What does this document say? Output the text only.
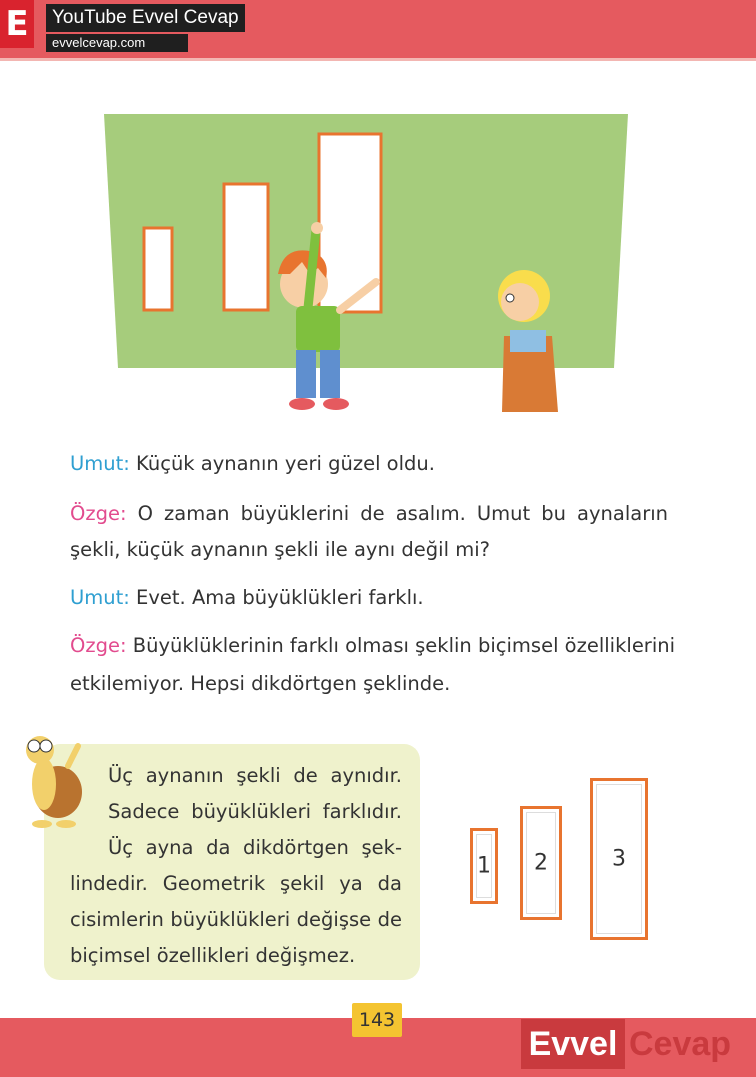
E	YouTube Evvel Cevap
evvelcevap.com
Umut: Küçük aynanın yeri güzel oldu.
Özge: O zaman büyüklerini de asalım. Umut bu aynaların
şekli, küçük aynanın şekli ile aynı değil mi?
Umut: Evet. Ama büyüklükleri farklı.
Özge: Büyüklüklerinin farklı olması şeklin biçimsel özelliklerini
etkilemiyor. Hepsi dikdörtgen şeklinde.
Üç aynanın şekli de aynıdır.
Sadece büyüklükleri farklıdır.
Üç ayna da dikdörtgen şek-
lindedir. Geometrik şekil ya da
cisimlerin büyüklükleri değişse de
biçimsel özellikleri değişmez.
1	2	3
143
Evvel Cevap
